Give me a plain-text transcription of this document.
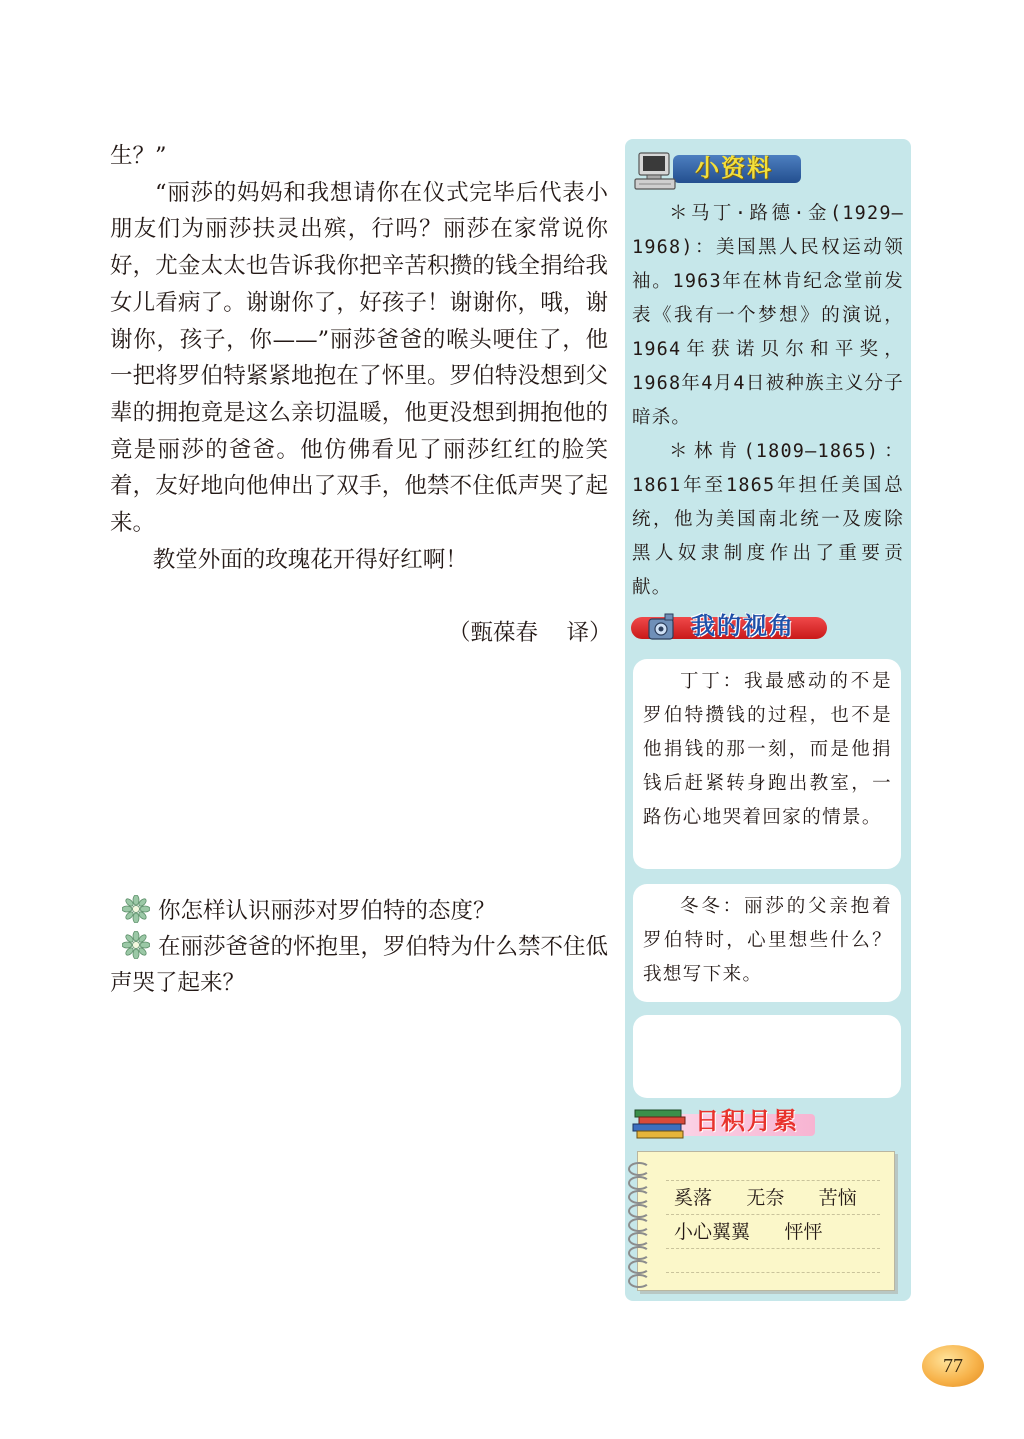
生？”

“丽莎的妈妈和我想请你在仪式完毕后代表小朋友们为丽莎扶灵出殡，行吗？丽莎在家常说你好，尤金太太也告诉我你把辛苦积攒的钱全捐给我女儿看病了。谢谢你了，好孩子！谢谢你，哦，谢谢你，孩子，你——”丽莎爸爸的喉头哽住了，他一把将罗伯特紧紧地抱在了怀里。罗伯特没想到父辈的拥抱竟是这么亲切温暖，他更没想到拥抱他的竟是丽莎的爸爸。他仿佛看见了丽莎红红的脸笑着，友好地向他伸出了双手，他禁不住低声哭了起来。

教堂外面的玫瑰花开得好红啊！

（甄葆春    译）

你怎样认识丽莎对罗伯特的态度？

在丽莎爸爸的怀抱里，罗伯特为什么禁不住低声哭了起来？

小资料

＊马丁·路德·金(1929—1968)：美国黑人民权运动领袖。1963年在林肯纪念堂前发表《我有一个梦想》的演说，1964年获诺贝尔和平奖，1968年4月4日被种族主义分子暗杀。

＊林肯(1809—1865)：1861年至1865年担任美国总统，他为美国南北统一及废除黑人奴隶制度作出了重要贡献。

我的视角

丁丁：我最感动的不是罗伯特攒钱的过程，也不是他捐钱的那一刻，而是他捐钱后赶紧转身跑出教室，一路伤心地哭着回家的情景。

冬冬：丽莎的父亲抱着罗伯特时，心里想些什么？我想写下来。

日积月累
奚落   无奈   苦恼
小心翼翼   怦怦
77
